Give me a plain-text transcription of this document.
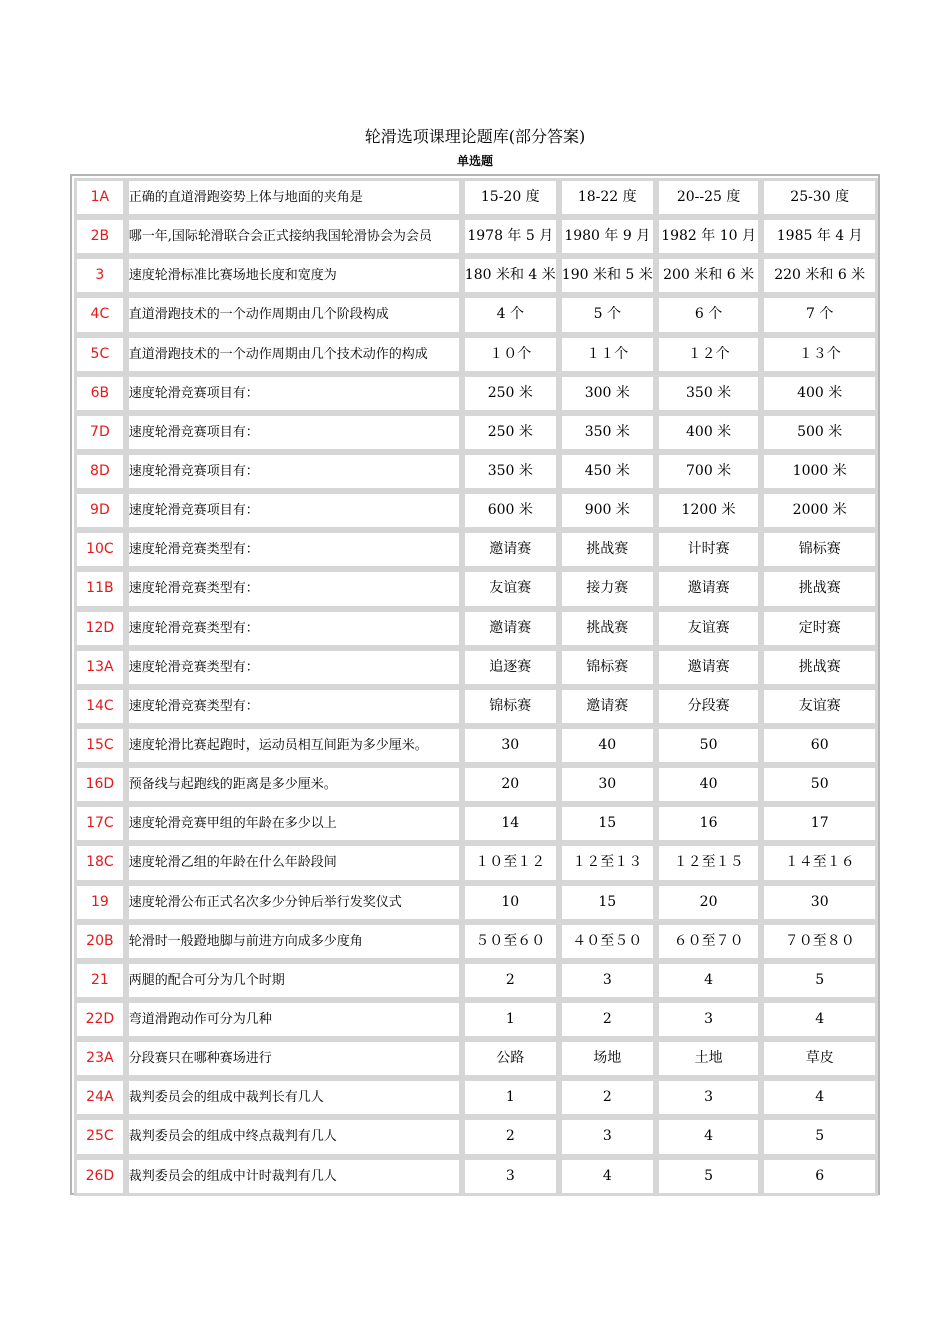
轮滑选项课理论题库(部分答案)
单选题
1A	正确的直道滑跑姿势上体与地面的夹角是	15-20 度	18-22 度	20--25 度	25-30 度
2B	哪一年,国际轮滑联合会正式接纳我国轮滑协会为会员	1978 年 5 月	1980 年 9 月	1982 年 10 月	1985 年 4 月
3	速度轮滑标准比赛场地长度和宽度为	180 米和 4 米	190 米和 5 米	200 米和 6 米	220 米和 6 米
4C	直道滑跑技术的一个动作周期由几个阶段构成	4 个	5 个	6 个	7 个
5C	直道滑跑技术的一个动作周期由几个技术动作的构成	１０个	１１个	１２个	１３个
6B	速度轮滑竞赛项目有：	250 米	300 米	350 米	400 米
7D	速度轮滑竞赛项目有：	250 米	350 米	400 米	500 米
8D	速度轮滑竞赛项目有：	350 米	450 米	700 米	1000 米
9D	速度轮滑竞赛项目有：	600 米	900 米	1200 米	2000 米
10C	速度轮滑竞赛类型有：	邀请赛	挑战赛	计时赛	锦标赛
11B	速度轮滑竞赛类型有：	友谊赛	接力赛	邀请赛	挑战赛
12D	速度轮滑竞赛类型有：	邀请赛	挑战赛	友谊赛	定时赛
13A	速度轮滑竞赛类型有：	追逐赛	锦标赛	邀请赛	挑战赛
14C	速度轮滑竞赛类型有：	锦标赛	邀请赛	分段赛	友谊赛
15C	速度轮滑比赛起跑时，运动员相互间距为多少厘米。	30	40	50	60
16D	预备线与起跑线的距离是多少厘米。	20	30	40	50
17C	速度轮滑竞赛甲组的年龄在多少以上	14	15	16	17
18C	速度轮滑乙组的年龄在什么年龄段间	１０至１２	１２至１３	１２至１５	１４至１６
19	速度轮滑公布正式名次多少分钟后举行发奖仪式	10	15	20	30
20B	轮滑时一般蹬地脚与前进方向成多少度角	５０至６０	４０至５０	６０至７０	７０至８０
21	两腿的配合可分为几个时期	2	3	4	5
22D	弯道滑跑动作可分为几种	1	2	3	4
23A	分段赛只在哪种赛场进行	公路	场地	土地	草皮
24A	裁判委员会的组成中裁判长有几人	1	2	3	4
25C	裁判委员会的组成中终点裁判有几人	2	3	4	5
26D	裁判委员会的组成中计时裁判有几人	3	4	5	6
